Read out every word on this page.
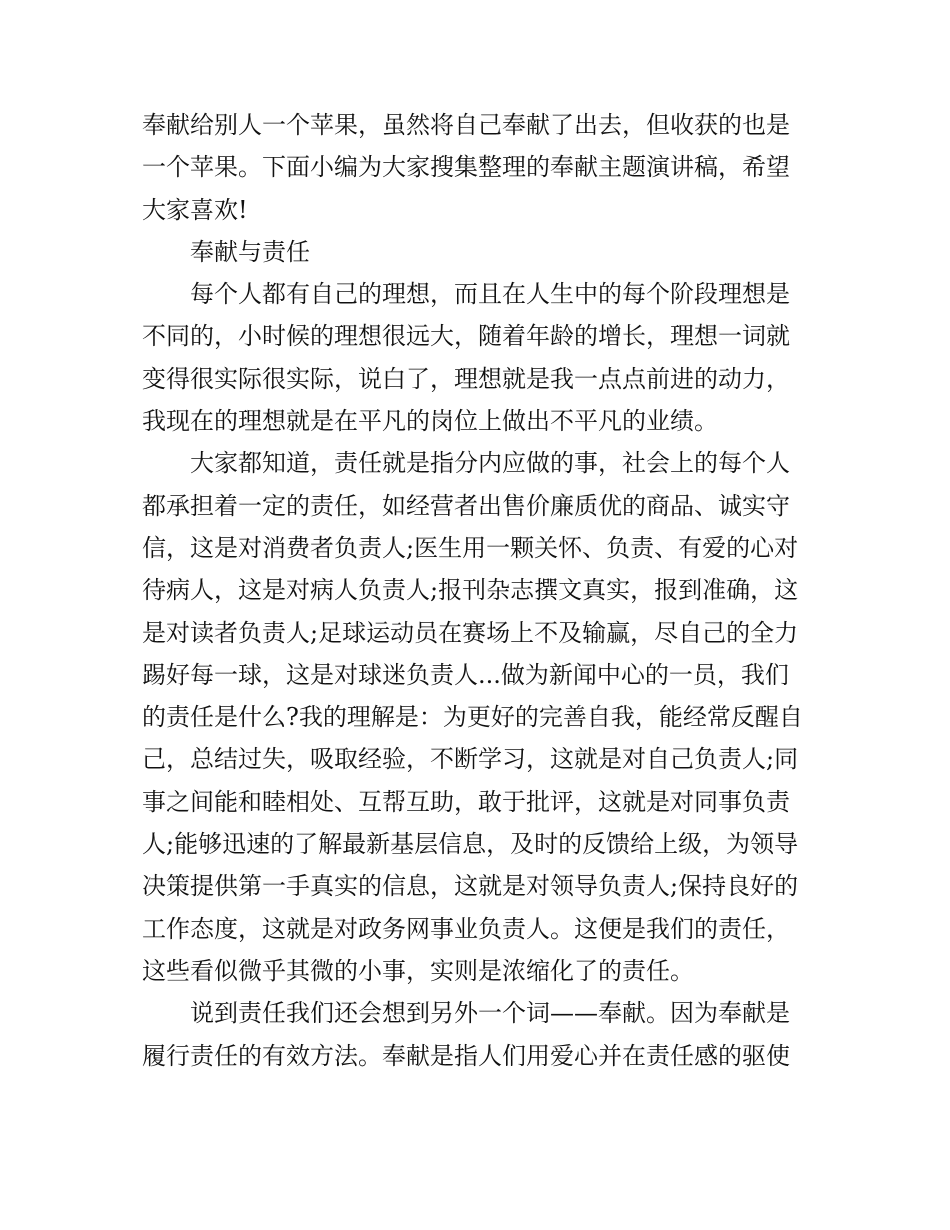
奉献给别人一个苹果，虽然将自己奉献了出去，但收获的也是一个苹果。下面小编为大家搜集整理的奉献主题演讲稿，希望大家喜欢!

奉献与责任

每个人都有自己的理想，而且在人生中的每个阶段理想是不同的，小时候的理想很远大，随着年龄的增长，理想一词就变得很实际很实际，说白了，理想就是我一点点前进的动力，我现在的理想就是在平凡的岗位上做出不平凡的业绩。

大家都知道，责任就是指分内应做的事，社会上的每个人都承担着一定的责任，如经营者出售价廉质优的商品、诚实守信，这是对消费者负责人;医生用一颗关怀、负责、有爱的心对待病人，这是对病人负责人;报刊杂志撰文真实，报到准确，这是对读者负责人;足球运动员在赛场上不及输赢，尽自己的全力踢好每一球，这是对球迷负责人...做为新闻中心的一员，我们的责任是什么?我的理解是：为更好的完善自我，能经常反醒自己，总结过失，吸取经验，不断学习，这就是对自己负责人;同事之间能和睦相处、互帮互助，敢于批评，这就是对同事负责人;能够迅速的了解最新基层信息，及时的反馈给上级，为领导决策提供第一手真实的信息，这就是对领导负责人;保持良好的工作态度，这就是对政务网事业负责人。这便是我们的责任，这些看似微乎其微的小事，实则是浓缩化了的责任。

说到责任我们还会想到另外一个词——奉献。因为奉献是履行责任的有效方法。奉献是指人们用爱心并在责任感的驱使
